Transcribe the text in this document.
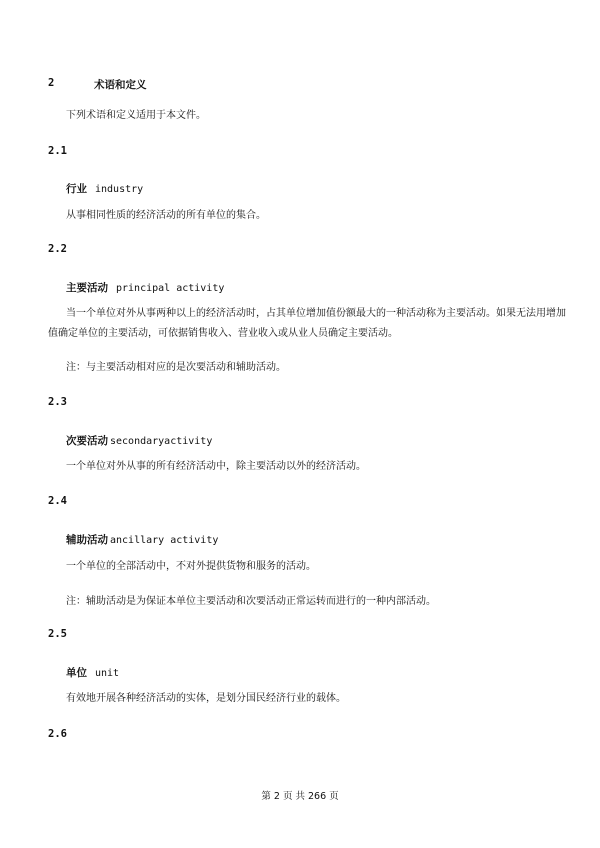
2	术语和定义
下列术语和定义适用于本文件。
2.1
行业 industry
从事相同性质的经济活动的所有单位的集合。
2.2
主要活动 principal activity
当一个单位对外从事两种以上的经济活动时，占其单位增加值份额最大的一种活动称为主要活动。如果无法用增加值确定单位的主要活动，可依据销售收入、营业收入或从业人员确定主要活动。
注：与主要活动相对应的是次要活动和辅助活动。
2.3
次要活动 secondaryactivity
一个单位对外从事的所有经济活动中，除主要活动以外的经济活动。
2.4
辅助活动 ancillary activity
一个单位的全部活动中，不对外提供货物和服务的活动。
注：辅助活动是为保证本单位主要活动和次要活动正常运转而进行的一种内部活动。
2.5
单位 unit
有效地开展各种经济活动的实体，是划分国民经济行业的载体。
2.6
第 2 页 共 266 页
